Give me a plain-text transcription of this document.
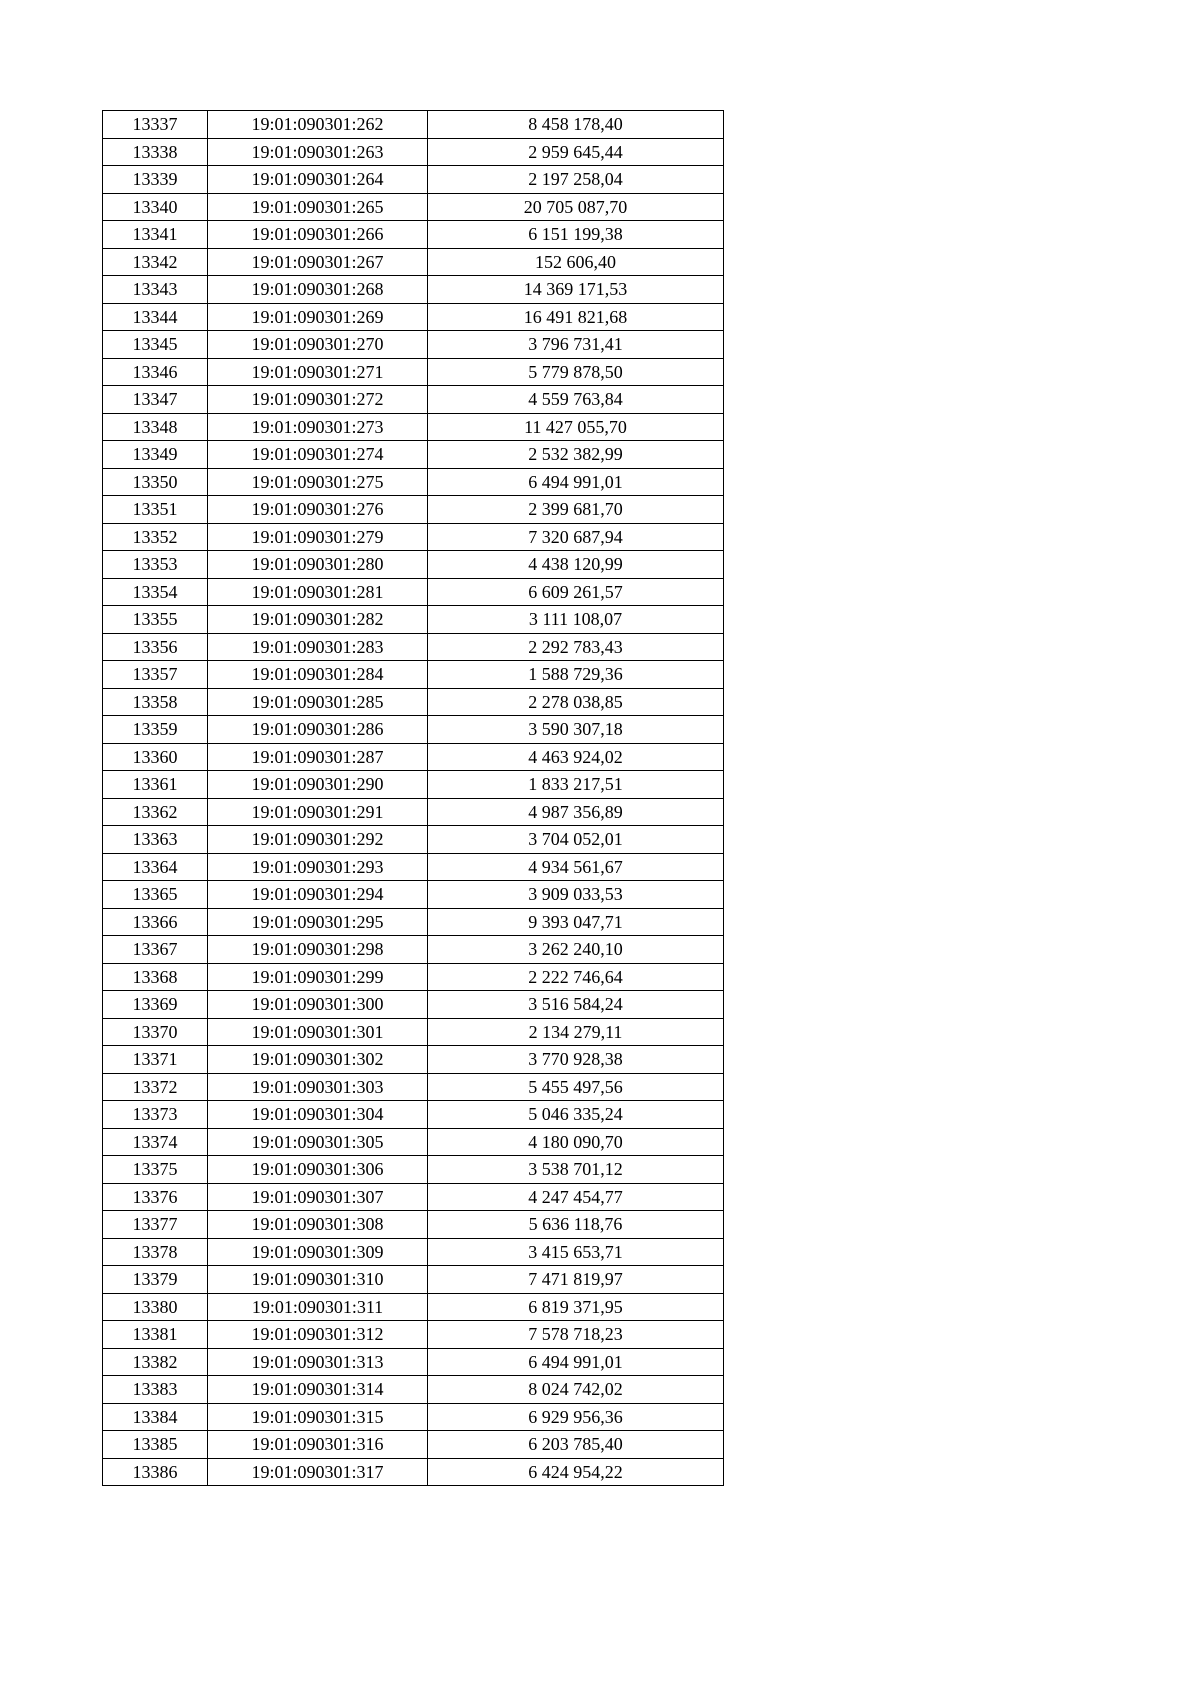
13337	19:01:090301:262	8 458 178,40
13338	19:01:090301:263	2 959 645,44
13339	19:01:090301:264	2 197 258,04
13340	19:01:090301:265	20 705 087,70
13341	19:01:090301:266	6 151 199,38
13342	19:01:090301:267	152 606,40
13343	19:01:090301:268	14 369 171,53
13344	19:01:090301:269	16 491 821,68
13345	19:01:090301:270	3 796 731,41
13346	19:01:090301:271	5 779 878,50
13347	19:01:090301:272	4 559 763,84
13348	19:01:090301:273	11 427 055,70
13349	19:01:090301:274	2 532 382,99
13350	19:01:090301:275	6 494 991,01
13351	19:01:090301:276	2 399 681,70
13352	19:01:090301:279	7 320 687,94
13353	19:01:090301:280	4 438 120,99
13354	19:01:090301:281	6 609 261,57
13355	19:01:090301:282	3 111 108,07
13356	19:01:090301:283	2 292 783,43
13357	19:01:090301:284	1 588 729,36
13358	19:01:090301:285	2 278 038,85
13359	19:01:090301:286	3 590 307,18
13360	19:01:090301:287	4 463 924,02
13361	19:01:090301:290	1 833 217,51
13362	19:01:090301:291	4 987 356,89
13363	19:01:090301:292	3 704 052,01
13364	19:01:090301:293	4 934 561,67
13365	19:01:090301:294	3 909 033,53
13366	19:01:090301:295	9 393 047,71
13367	19:01:090301:298	3 262 240,10
13368	19:01:090301:299	2 222 746,64
13369	19:01:090301:300	3 516 584,24
13370	19:01:090301:301	2 134 279,11
13371	19:01:090301:302	3 770 928,38
13372	19:01:090301:303	5 455 497,56
13373	19:01:090301:304	5 046 335,24
13374	19:01:090301:305	4 180 090,70
13375	19:01:090301:306	3 538 701,12
13376	19:01:090301:307	4 247 454,77
13377	19:01:090301:308	5 636 118,76
13378	19:01:090301:309	3 415 653,71
13379	19:01:090301:310	7 471 819,97
13380	19:01:090301:311	6 819 371,95
13381	19:01:090301:312	7 578 718,23
13382	19:01:090301:313	6 494 991,01
13383	19:01:090301:314	8 024 742,02
13384	19:01:090301:315	6 929 956,36
13385	19:01:090301:316	6 203 785,40
13386	19:01:090301:317	6 424 954,22
